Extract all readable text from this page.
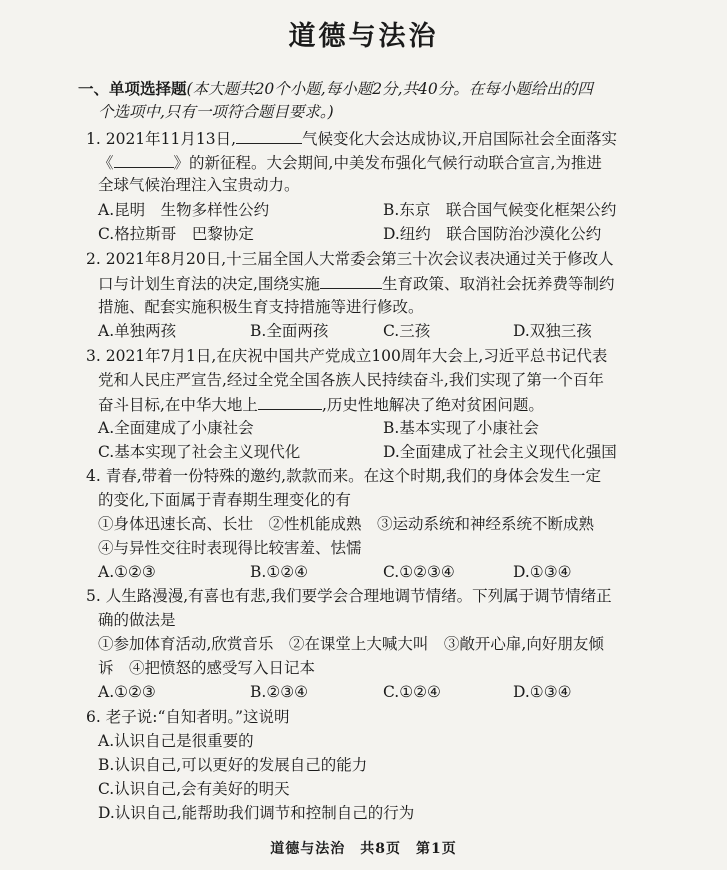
道德与法治
一、单项选择题(本大题共20个小题,每小题2分,共40分。在每小题给出的四
个选项中,只有一项符合题目要求。)
1. 2021年11月13日,	气候变化大会达成协议,开启国际社会全面落实
《	》的新征程。大会期间,中美发布强化气候行动联合宣言,为推进
全球气候治理注入宝贵动力。
A.昆明　生物多样性公约	B.东京　联合国气候变化框架公约
C.格拉斯哥　巴黎协定	D.纽约　联合国防治沙漠化公约
2. 2021年8月20日,十三届全国人大常委会第三十次会议表决通过关于修改人
口与计划生育法的决定,围绕实施	生育政策、取消社会抚养费等制约
措施、配套实施积极生育支持措施等进行修改。
A.单独两孩	B.全面两孩	C.三孩	D.双独三孩
3. 2021年7月1日,在庆祝中国共产党成立100周年大会上,习近平总书记代表
党和人民庄严宣告,经过全党全国各族人民持续奋斗,我们实现了第一个百年
奋斗目标,在中华大地上	,历史性地解决了绝对贫困问题。
A.全面建成了小康社会	B.基本实现了小康社会
C.基本实现了社会主义现代化	D.全面建成了社会主义现代化强国
4. 青春,带着一份特殊的邀约,款款而来。在这个时期,我们的身体会发生一定
的变化,下面属于青春期生理变化的有
①身体迅速长高、长壮　②性机能成熟　③运动系统和神经系统不断成熟
④与异性交往时表现得比较害羞、怯懦
A.①②③	B.①②④	C.①②③④	D.①③④
5. 人生路漫漫,有喜也有悲,我们要学会合理地调节情绪。下列属于调节情绪正
确的做法是
①参加体育活动,欣赏音乐　②在课堂上大喊大叫　③敞开心扉,向好朋友倾
诉　④把愤怒的感受写入日记本
A.①②③	B.②③④	C.①②④	D.①③④
6. 老子说:“自知者明。”这说明
A.认识自己是很重要的
B.认识自己,可以更好的发展自己的能力
C.认识自己,会有美好的明天
D.认识自己,能帮助我们调节和控制自己的行为
道德与法治　共8页　第1页
